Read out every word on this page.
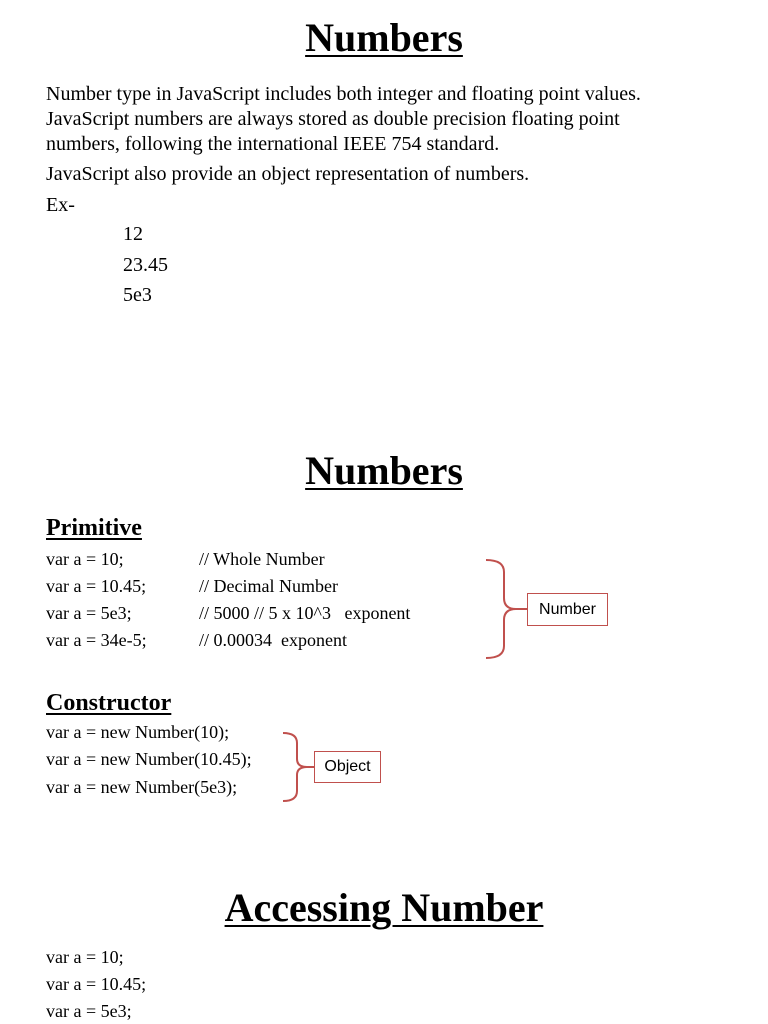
Numbers
Number type in JavaScript includes both integer and floating point values.
JavaScript numbers are always stored as double precision floating point
numbers, following the international IEEE 754 standard.
JavaScript also provide an object representation of numbers.
Ex-
12
23.45
5e3
Numbers
Primitive
var a = 10;	// Whole Number
var a = 10.45;	// Decimal Number
var a = 5e3;	// 5000 // 5 x 10^3   exponent
var a = 34e-5;	// 0.00034  exponent
Number
Constructor
var a = new Number(10);
var a = new Number(10.45);
var a = new Number(5e3);
Object
Accessing Number
var a = 10;
var a = 10.45;
var a = 5e3;
